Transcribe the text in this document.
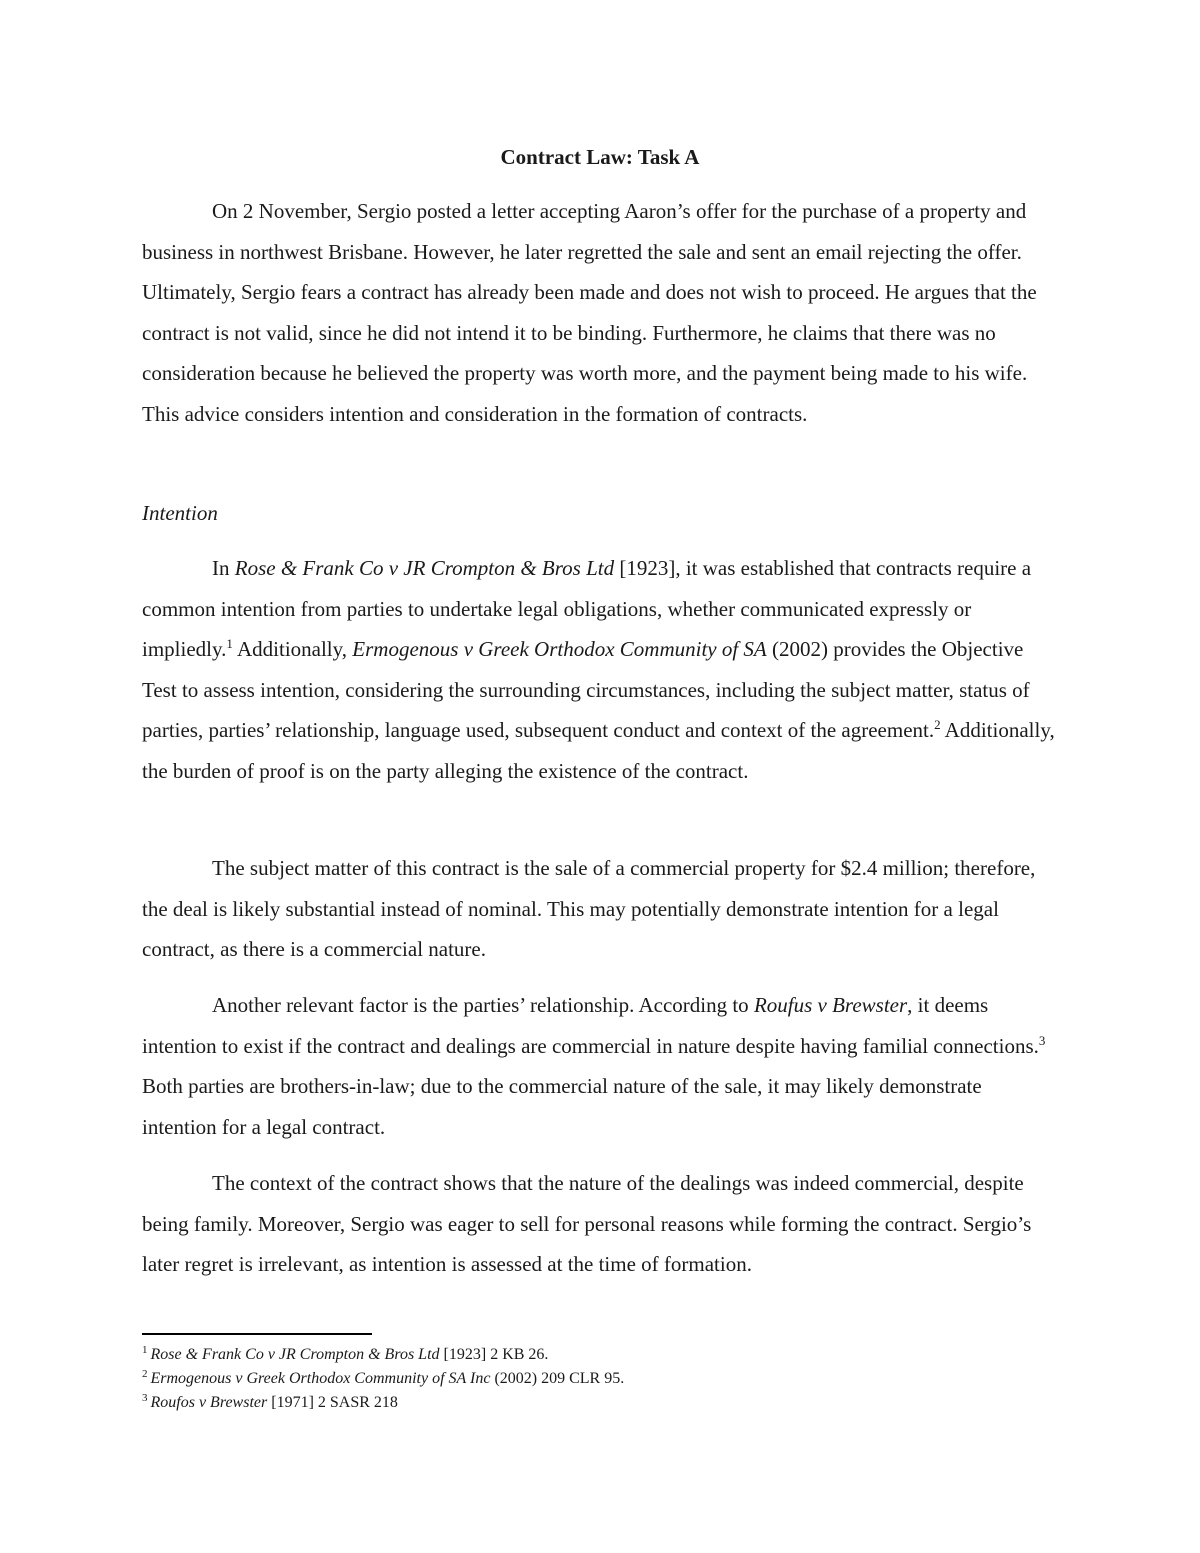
Contract Law: Task A

On 2 November, Sergio posted a letter accepting Aaron’s offer for the purchase of a property and business in northwest Brisbane. However, he later regretted the sale and sent an email rejecting the offer. Ultimately, Sergio fears a contract has already been made and does not wish to proceed. He argues that the contract is not valid, since he did not intend it to be binding. Furthermore, he claims that there was no consideration because he believed the property was worth more, and the payment being made to his wife. This advice considers intention and consideration in the formation of contracts.

Intention

In Rose & Frank Co v JR Crompton & Bros Ltd [1923], it was established that contracts require a common intention from parties to undertake legal obligations, whether communicated expressly or impliedly.$^1$ Additionally, Ermogenous v Greek Orthodox Community of SA (2002) provides the Objective Test to assess intention, considering the surrounding circumstances, including the subject matter, status of parties, parties’ relationship, language used, subsequent conduct and context of the agreement.$^2$ Additionally, the burden of proof is on the party alleging the existence of the contract.

The subject matter of this contract is the sale of a commercial property for $2.4 million; therefore, the deal is likely substantial instead of nominal. This may potentially demonstrate intention for a legal contract, as there is a commercial nature.

Another relevant factor is the parties’ relationship. According to Roufus v Brewster, it deems intention to exist if the contract and dealings are commercial in nature despite having familial connections.$^3$ Both parties are brothers-in-law; due to the commercial nature of the sale, it may likely demonstrate intention for a legal contract.

The context of the contract shows that the nature of the dealings was indeed commercial, despite being family. Moreover, Sergio was eager to sell for personal reasons while forming the contract. Sergio’s later regret is irrelevant, as intention is assessed at the time of formation.

$^1$ Rose & Frank Co v JR Crompton & Bros Ltd [1923] 2 KB 26.
$^2$ Ermogenous v Greek Orthodox Community of SA Inc (2002) 209 CLR 95.
$^3$ Roufos v Brewster [1971] 2 SASR 218
